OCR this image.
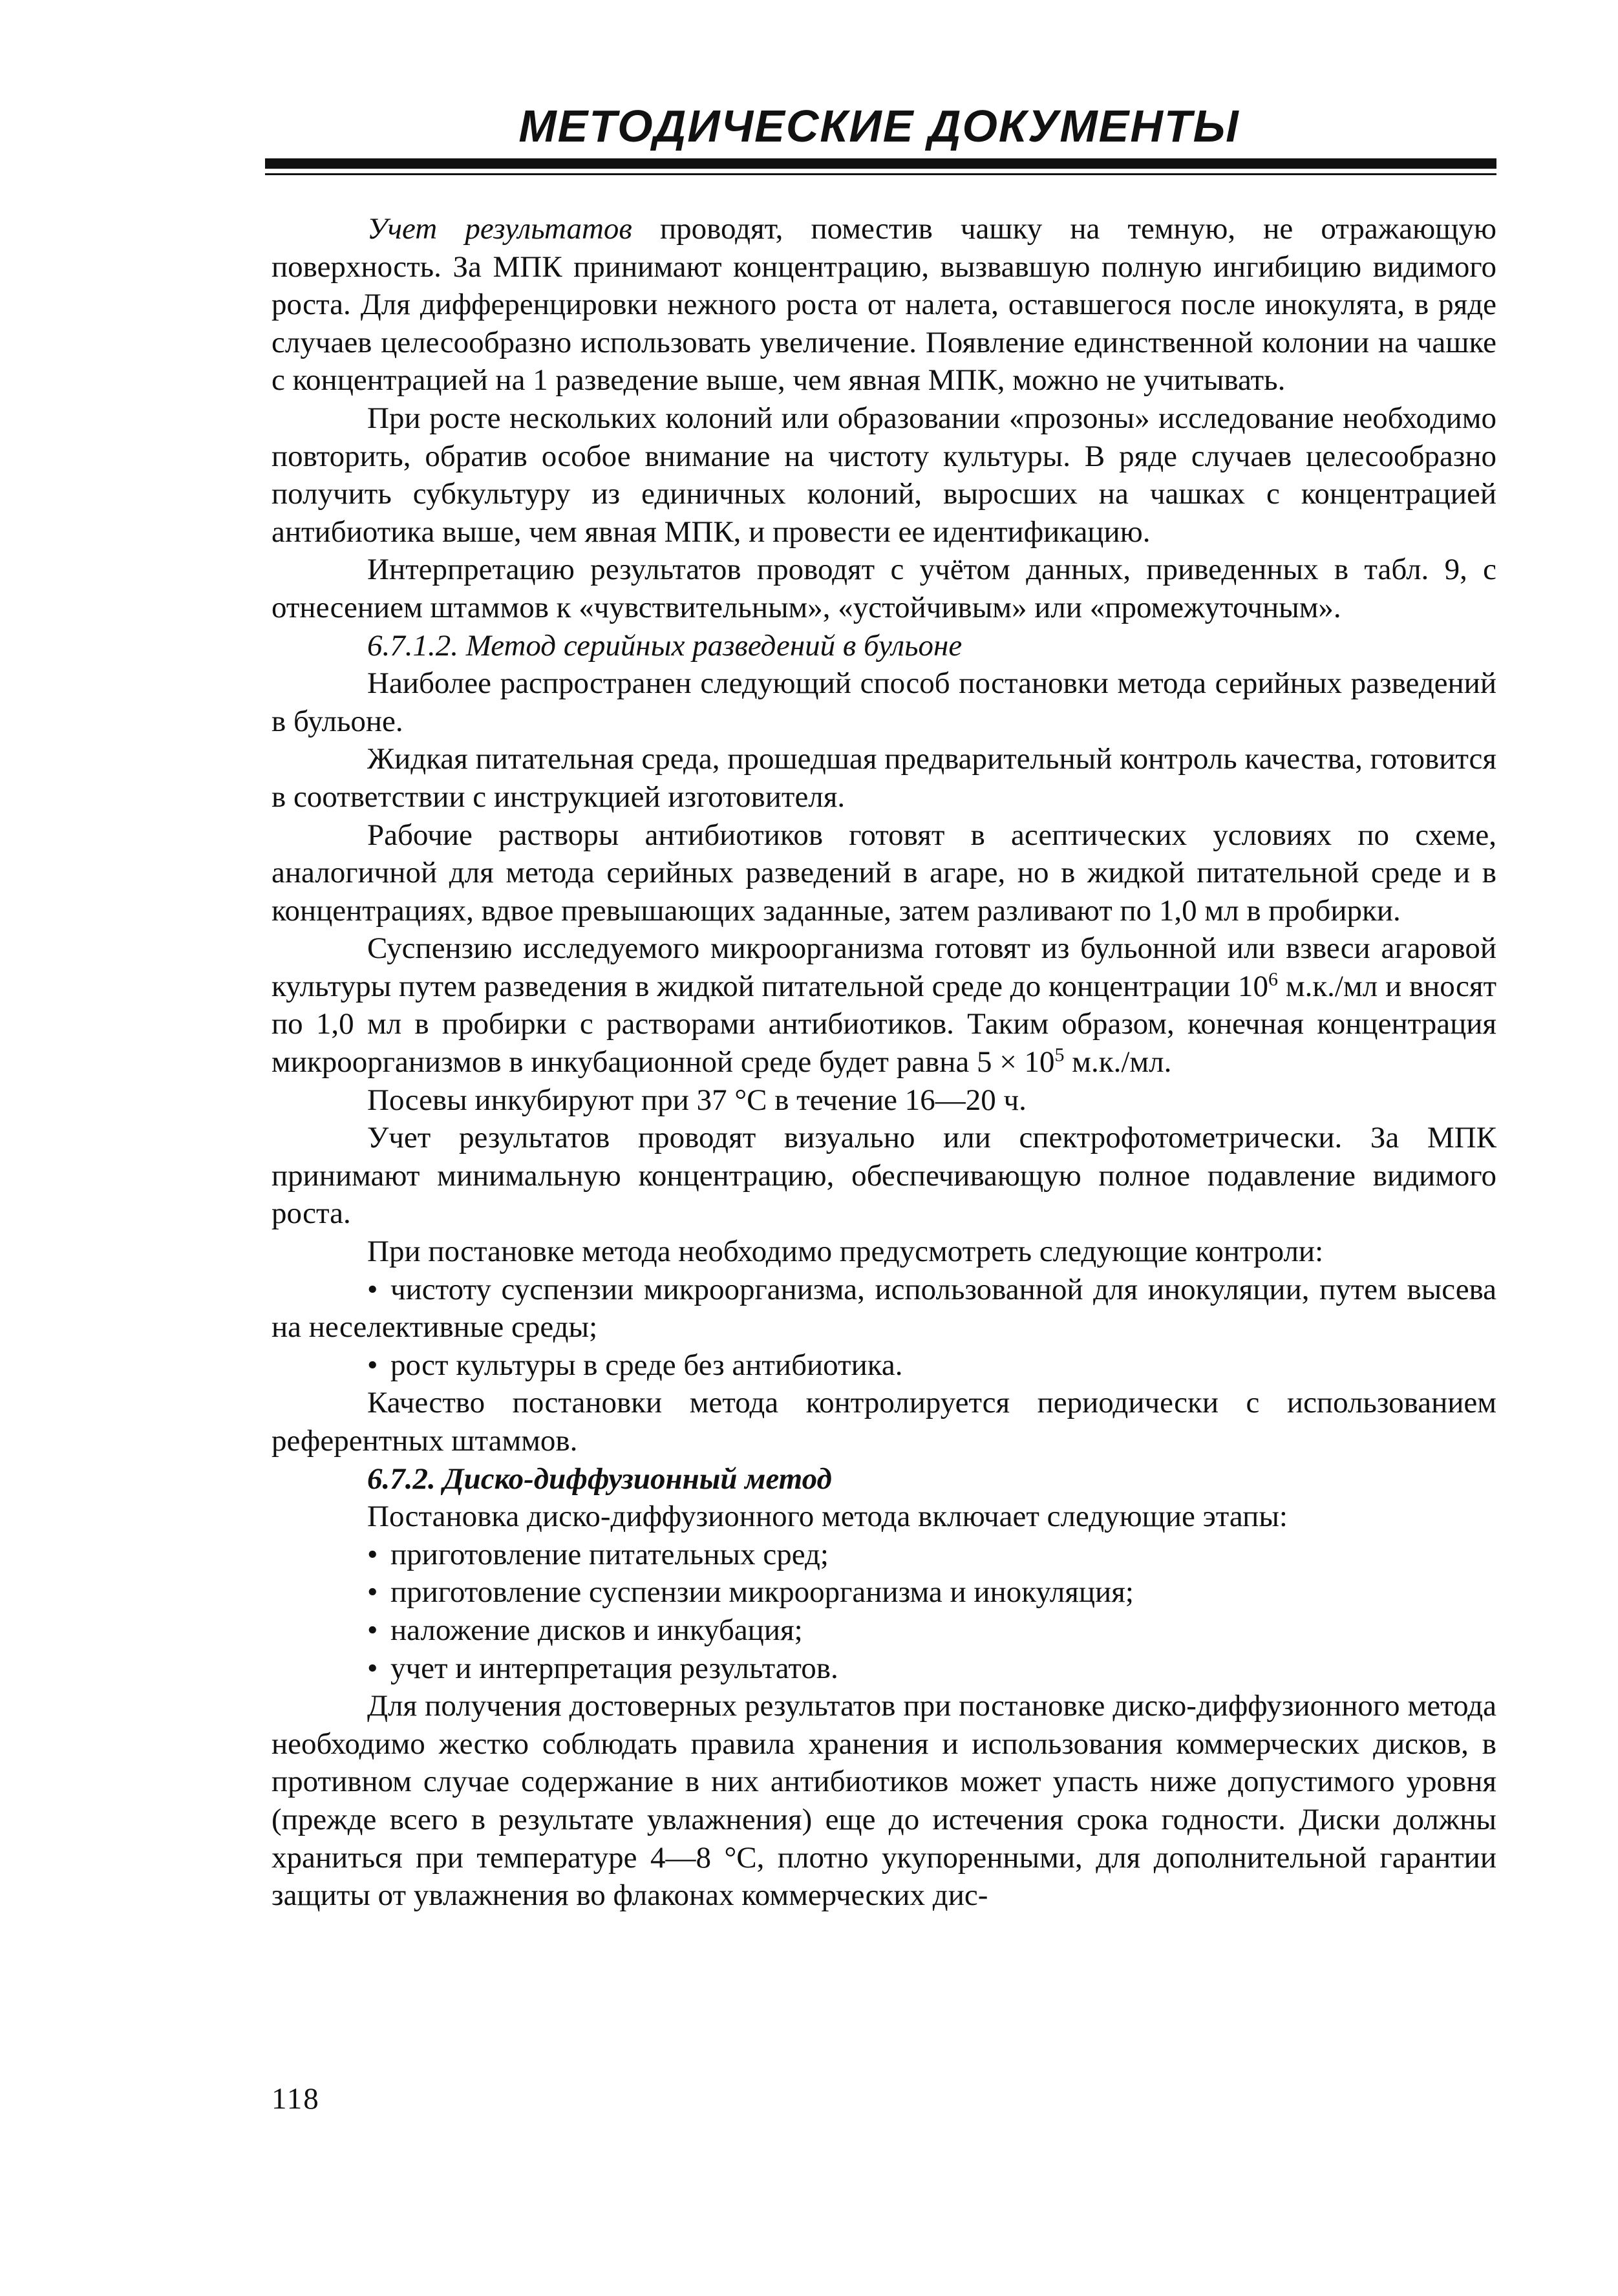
МЕТОДИЧЕСКИЕ ДОКУМЕНТЫ

Учет результатов проводят, поместив чашку на темную, не отражающую поверхность. За МПК принимают концентрацию, вызвавшую полную ингибицию видимого роста. Для дифференцировки нежного роста от налета, оставшегося после инокулята, в ряде случаев целесообразно использовать увеличение. Появление единственной колонии на чашке с концентрацией на 1 разведение выше, чем явная МПК, можно не учитывать.

При росте нескольких колоний или образовании «прозоны» исследование необходимо повторить, обратив особое внимание на чистоту культуры. В ряде случаев целесообразно получить субкультуру из единичных колоний, выросших на чашках с концентрацией антибиотика выше, чем явная МПК, и провести ее идентификацию.

Интерпретацию результатов проводят с учётом данных, приведенных в табл. 9, с отнесением штаммов к «чувствительным», «устойчивым» или «промежуточным».

6.7.1.2. Метод серийных разведений в бульоне

Наиболее распространен следующий способ постановки метода серийных разведений в бульоне.

Жидкая питательная среда, прошедшая предварительный контроль качества, готовится в соответствии с инструкцией изготовителя.

Рабочие растворы антибиотиков готовят в асептических условиях по схеме, аналогичной для метода серийных разведений в агаре, но в жидкой питательной среде и в концентрациях, вдвое превышающих заданные, затем разливают по 1,0 мл в пробирки.

Суспензию исследуемого микроорганизма готовят из бульонной или взвеси агаровой культуры путем разведения в жидкой питательной среде до концентрации $10^6$ м.к./мл и вносят по 1,0 мл в пробирки с растворами антибиотиков. Таким образом, конечная концентрация микроорганизмов в инкубационной среде будет равна $5 \times 10^5$ м.к./мл.

Посевы инкубируют при 37 °С в течение 16—20 ч.

Учет результатов проводят визуально или спектрофотометрически. За МПК принимают минимальную концентрацию, обеспечивающую полное подавление видимого роста.

При постановке метода необходимо предусмотреть следующие контроли:

• чистоту суспензии микроорганизма, использованной для инокуляции, путем высева на неселективные среды;

• рост культуры в среде без антибиотика.

Качество постановки метода контролируется периодически с использованием референтных штаммов.

6.7.2. Диско-диффузионный метод

Постановка диско-диффузионного метода включает следующие этапы:

• приготовление питательных сред;

• приготовление суспензии микроорганизма и инокуляция;

• наложение дисков и инкубация;

• учет и интерпретация результатов.

Для получения достоверных результатов при постановке диско-диффузионного метода необходимо жестко соблюдать правила хранения и использования коммерческих дисков, в противном случае содержание в них антибиотиков может упасть ниже допустимого уровня (прежде всего в результате увлажнения) еще до истечения срока годности. Диски должны храниться при температуре 4—8 °С, плотно укупоренными, для дополнительной гарантии защиты от увлажнения во флаконах коммерческих дис-

118
